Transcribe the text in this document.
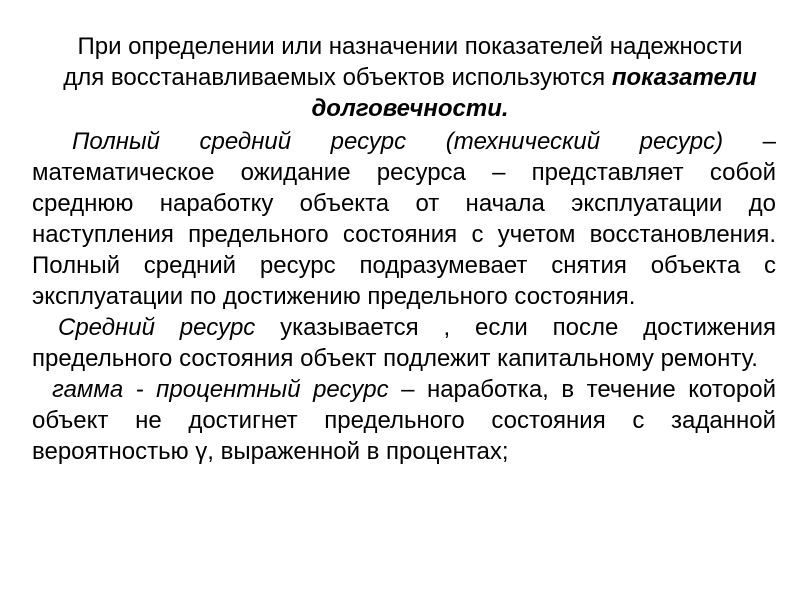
При определении или назначении показателей надежности для восстанавливаемых объектов используются показатели долговечности.

Полный средний ресурс (технический ресурс) – математическое ожидание ресурса – представляет собой среднюю наработку объекта от начала эксплуатации до наступления предельного состояния с учетом восстановления. Полный средний ресурс подразумевает снятия объекта с эксплуатации по достижению предельного состояния.

Средний ресурс указывается , если после достижения предельного состояния объект подлежит капитальному ремонту.

гамма - процентный ресурс – наработка, в течение которой объект не достигнет предельного состояния с заданной вероятностью γ, выраженной в процентах;
